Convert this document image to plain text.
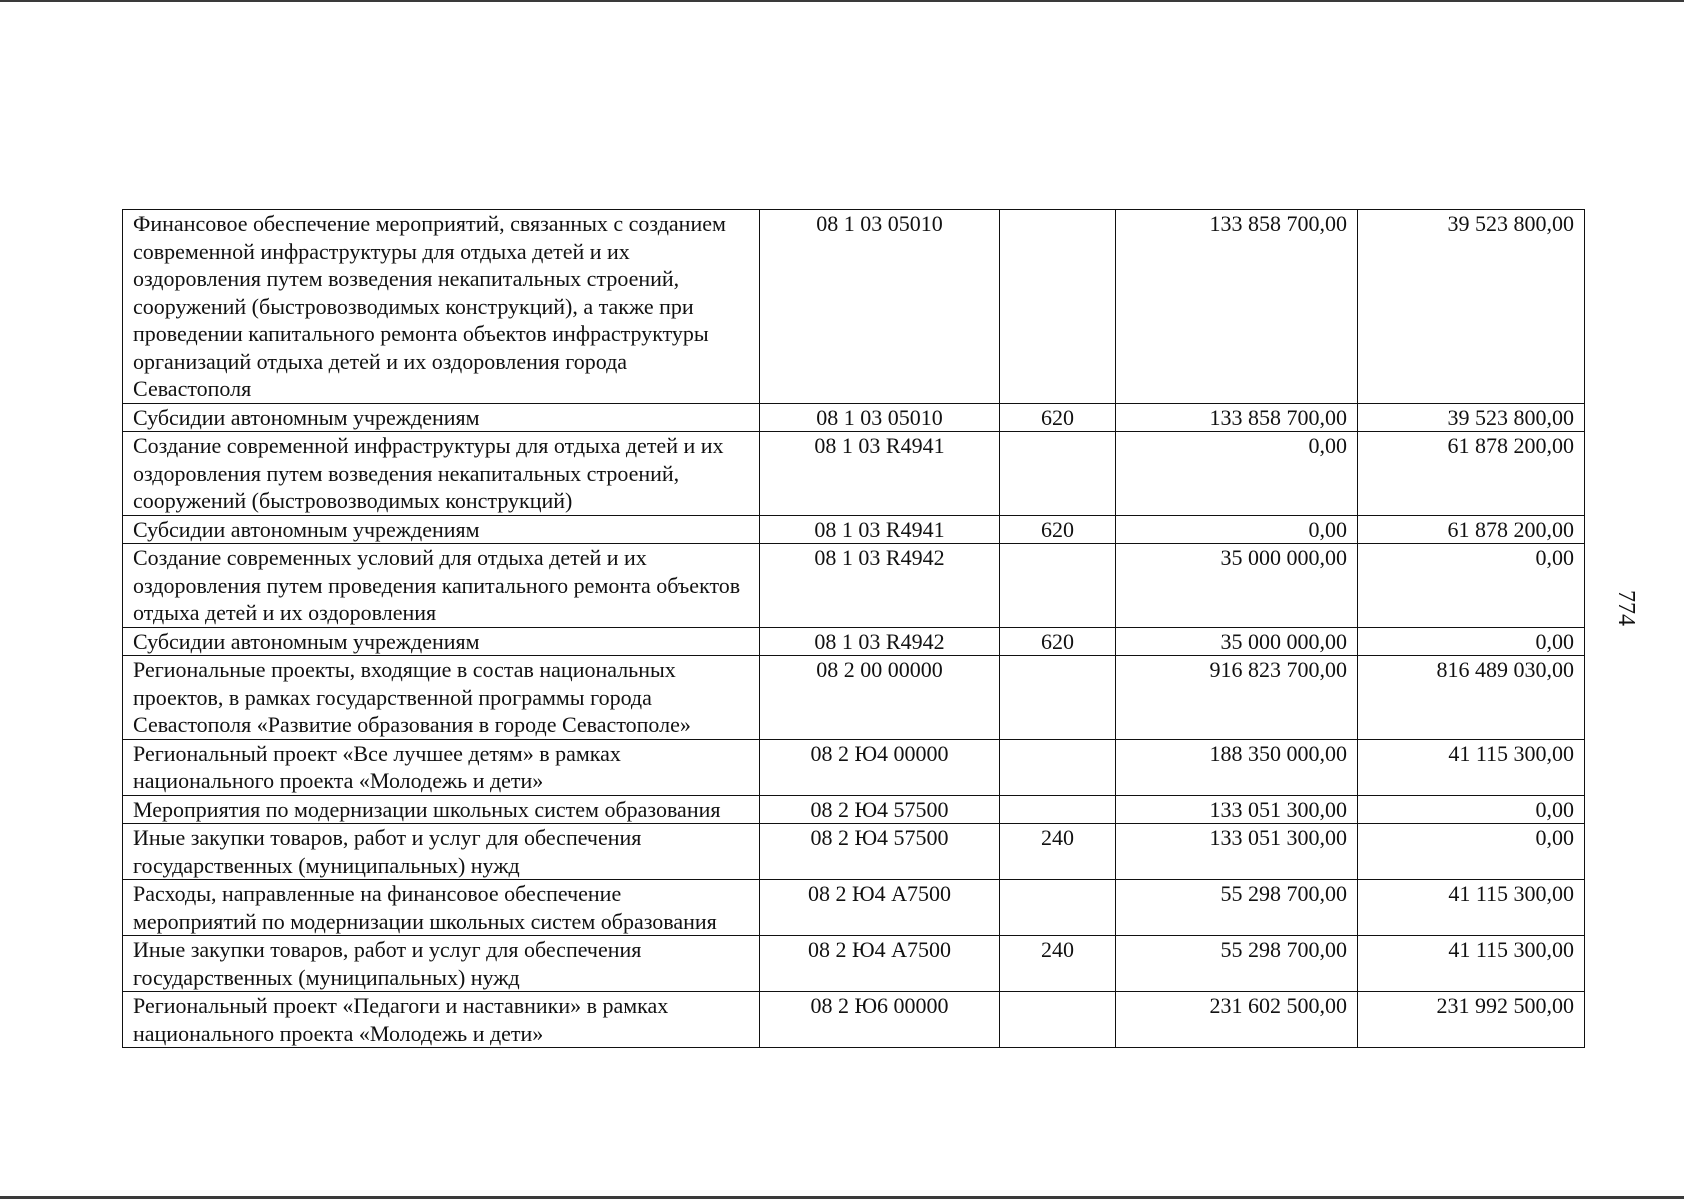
774
Финансовое обеспечение мероприятий, связанных с созданием современной инфраструктуры для отдыха детей и их оздоровления путем возведения некапитальных строений, сооружений (быстровозводимых конструкций), а также при проведении капитального ремонта объектов инфраструктуры организаций отдыха детей и их оздоровления города Севастополя	08 1 03 05010		133 858 700,00	39 523 800,00
Субсидии автономным учреждениям	08 1 03 05010	620	133 858 700,00	39 523 800,00
Создание современной инфраструктуры для отдыха детей и их оздоровления путем возведения некапитальных строений, сооружений (быстровозводимых конструкций)	08 1 03 R4941		0,00	61 878 200,00
Субсидии автономным учреждениям	08 1 03 R4941	620	0,00	61 878 200,00
Создание современных условий для отдыха детей и их оздоровления путем проведения капитального ремонта объектов отдыха детей и их оздоровления	08 1 03 R4942		35 000 000,00	0,00
Субсидии автономным учреждениям	08 1 03 R4942	620	35 000 000,00	0,00
Региональные проекты, входящие в состав национальных проектов, в рамках государственной программы города Севастополя «Развитие образования в городе Севастополе»	08 2 00 00000		916 823 700,00	816 489 030,00
Региональный проект «Все лучшее детям» в рамках национального проекта «Молодежь и дети»	08 2 Ю4 00000		188 350 000,00	41 115 300,00
Мероприятия по модернизации школьных систем образования	08 2 Ю4 57500		133 051 300,00	0,00
Иные закупки товаров, работ и услуг для обеспечения государственных (муниципальных) нужд	08 2 Ю4 57500	240	133 051 300,00	0,00
Расходы, направленные на финансовое обеспечение мероприятий по модернизации школьных систем образования	08 2 Ю4 А7500		55 298 700,00	41 115 300,00
Иные закупки товаров, работ и услуг для обеспечения государственных (муниципальных) нужд	08 2 Ю4 А7500	240	55 298 700,00	41 115 300,00
Региональный проект «Педагоги и наставники» в рамках национального проекта «Молодежь и дети»	08 2 Ю6 00000		231 602 500,00	231 992 500,00
